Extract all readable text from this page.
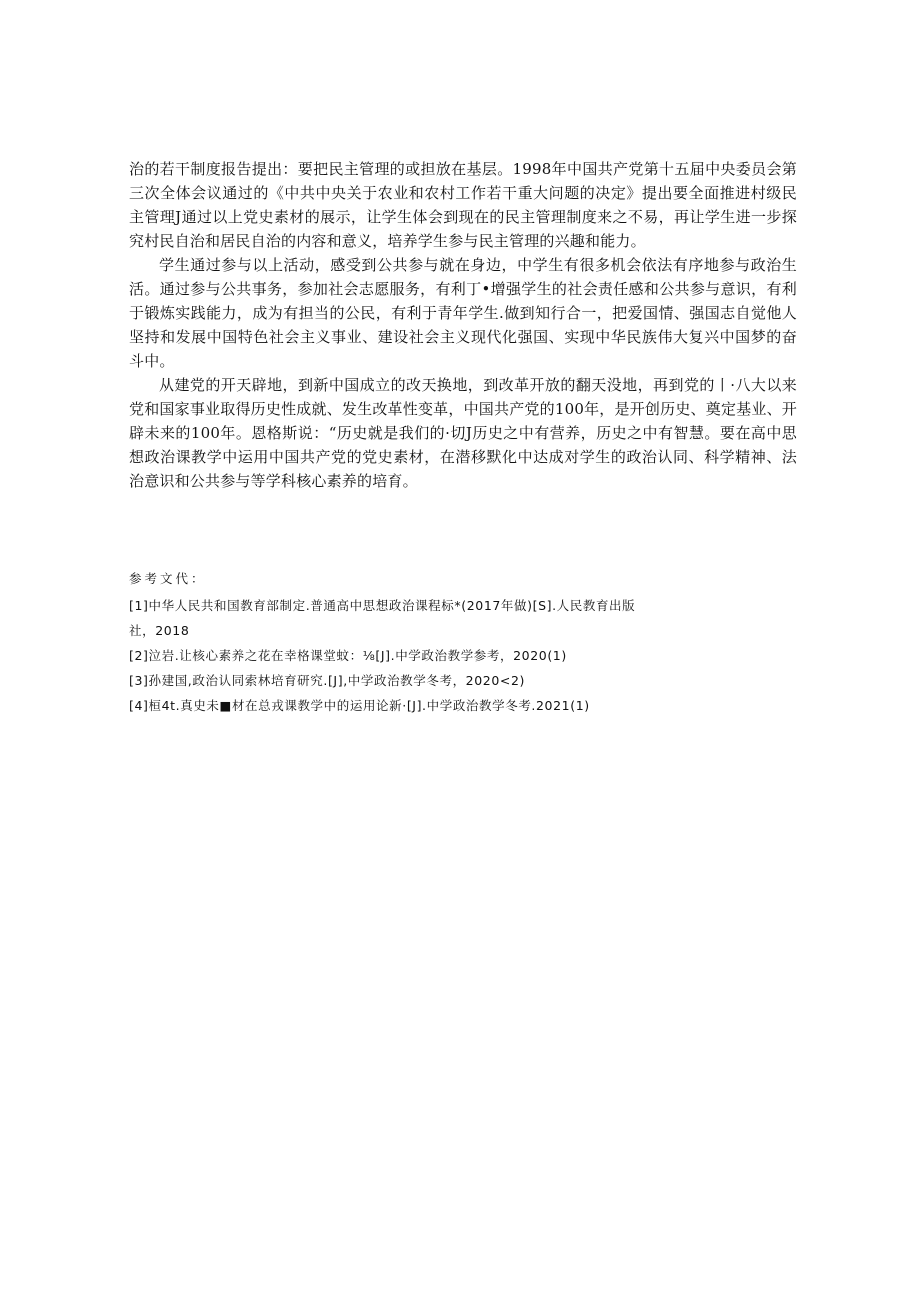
治的若干制度报告提出：要把民主管理的或担放在基层。1998年中国共产党第十五届中央委员会第三次全体会议通过的《中共中央关于农业和农村工作若干重大问题的决定》提出要全面推进村级民主管理J通过以上党史素材的展示，让学生体会到现在的民主管理制度来之不易，再让学生进一步探究村民自治和居民自治的内容和意义，培养学生参与民主管理的兴趣和能力。

学生通过参与以上活动，感受到公共参与就在身边，中学生有很多机会依法有序地参与政治生活。通过参与公共事务，参加社会志愿服务，有利丁•增强学生的社会责任感和公共参与意识，有利于锻炼实践能力，成为有担当的公民，有利于青年学生.做到知行合一，把爱国情、强国志自觉他人坚持和发展中国特色社会主义事业、建设社会主义现代化强国、实现中华民族伟大复兴中国梦的奋斗中。

从建党的开天辟地，到新中国成立的改天换地，到改革开放的翻天没地，再到党的丨·八大以来党和国家事业取得历史性成就、发生改革性变革，中国共产党的100年，是开创历史、奠定基业、开辟未来的100年。恩格斯说：“历史就是我们的·切J历史之中有营养，历史之中有智慧。要在高中思想政治课教学中运用中国共产党的党史素材，在潜移默化中达成对学生的政治认同、科学精神、法治意识和公共参与等学科核心素养的培育。

参考文代：

[1]中华人民共和国教育部制定.普通高中思想政治课程标*(2017年做)[S].人民教育出版
社，2018

[2]泣岩.让核心素养之花在幸格课堂蚊：⅛[J].中学政治教学参考，2020(1)

[3]孙建国,政治认同索林培育研究.[J],中学政治教学冬考，2020<2)

[4]桓4t.真史未■材在总戎课教学中的运用论新·[J].中学政治教学冬考.2021(1)
